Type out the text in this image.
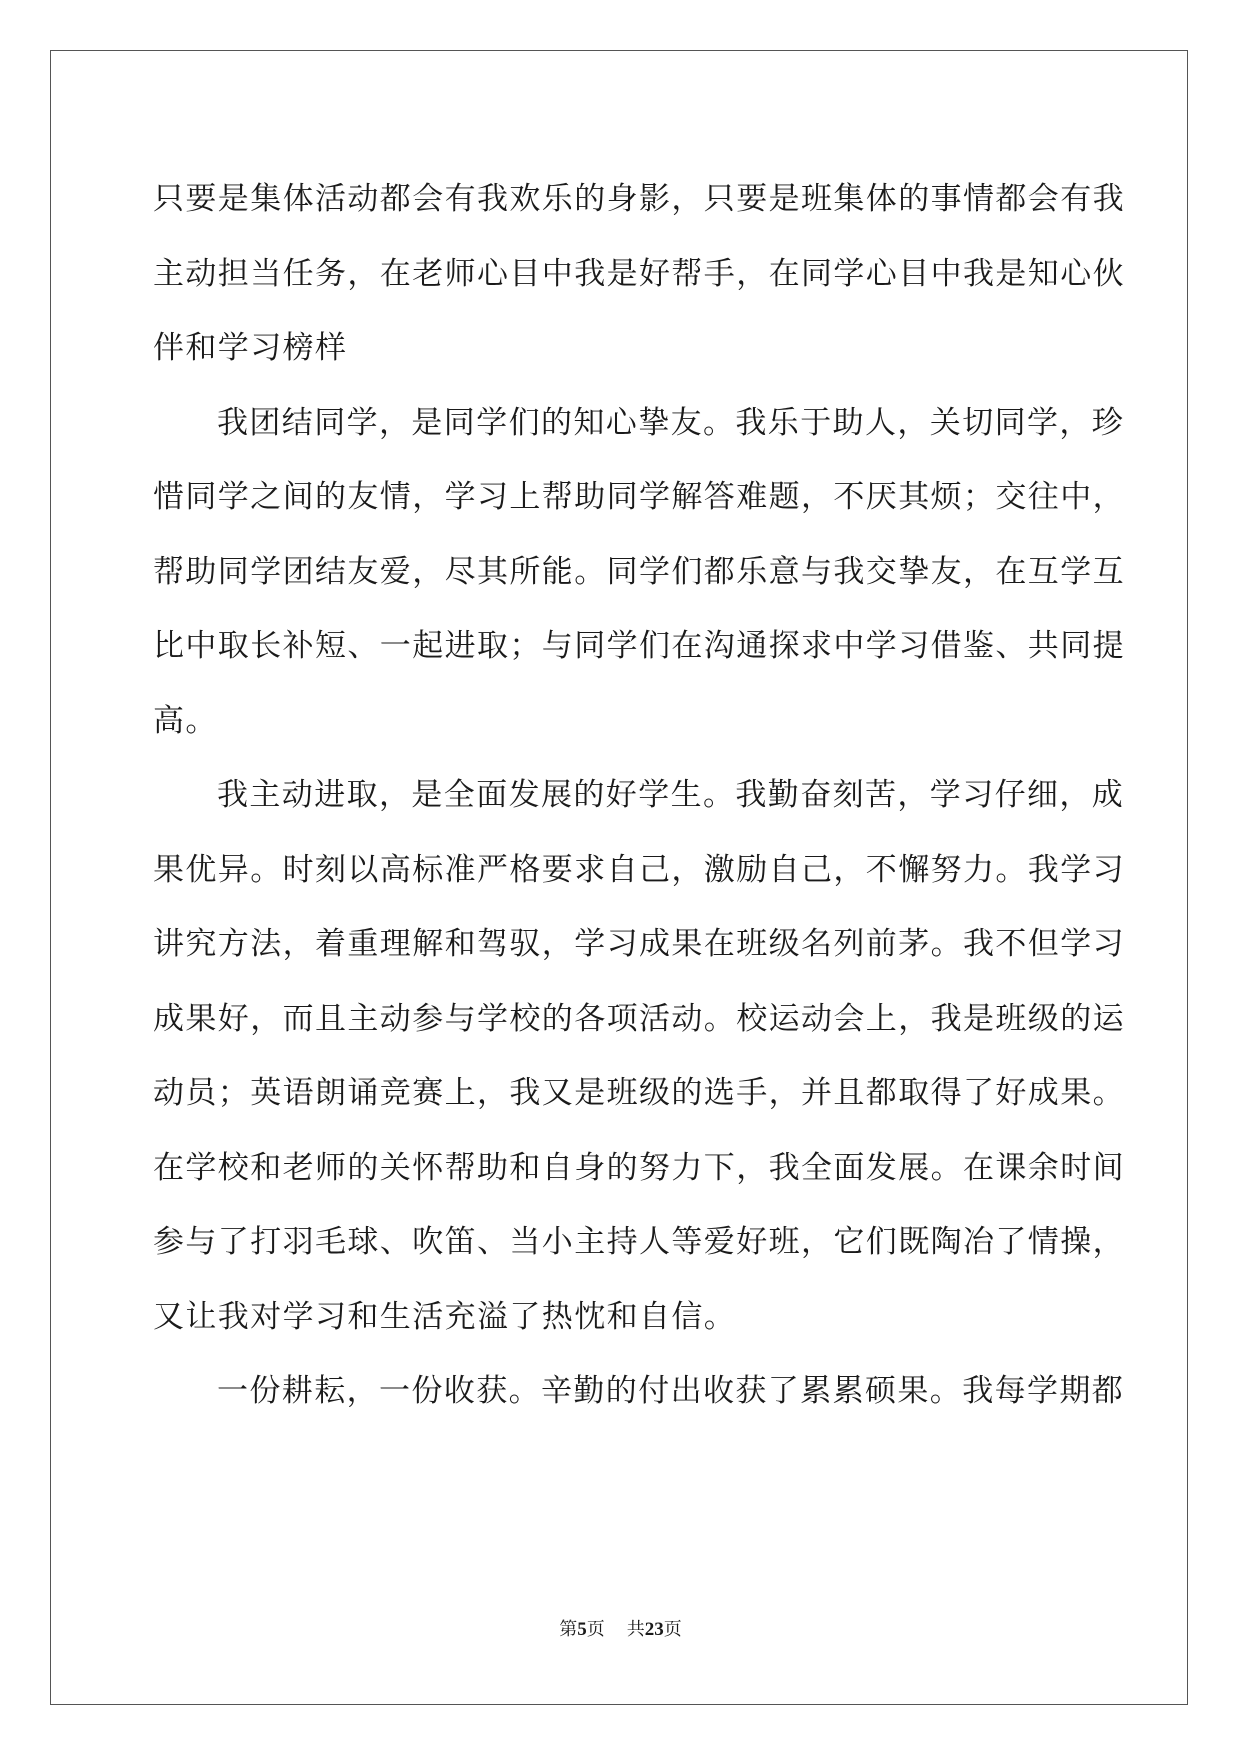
只要是集体活动都会有我欢乐的身影，只要是班集体的事情都会有我
主动担当任务，在老师心目中我是好帮手，在同学心目中我是知心伙
伴和学习榜样
我团结同学，是同学们的知心挚友。我乐于助人，关切同学，珍
惜同学之间的友情，学习上帮助同学解答难题，不厌其烦；交往中，
帮助同学团结友爱，尽其所能。同学们都乐意与我交挚友，在互学互
比中取长补短、一起进取；与同学们在沟通探求中学习借鉴、共同提
高。
我主动进取，是全面发展的好学生。我勤奋刻苦，学习仔细，成
果优异。时刻以高标准严格要求自己，激励自己，不懈努力。我学习
讲究方法，着重理解和驾驭，学习成果在班级名列前茅。我不但学习
成果好，而且主动参与学校的各项活动。校运动会上，我是班级的运
动员；英语朗诵竞赛上，我又是班级的选手，并且都取得了好成果。
在学校和老师的关怀帮助和自身的努力下，我全面发展。在课余时间
参与了打羽毛球、吹笛、当小主持人等爱好班，它们既陶冶了情操，
又让我对学习和生活充溢了热忱和自信。
一份耕耘，一份收获。辛勤的付出收获了累累硕果。我每学期都
第5页 共23页
